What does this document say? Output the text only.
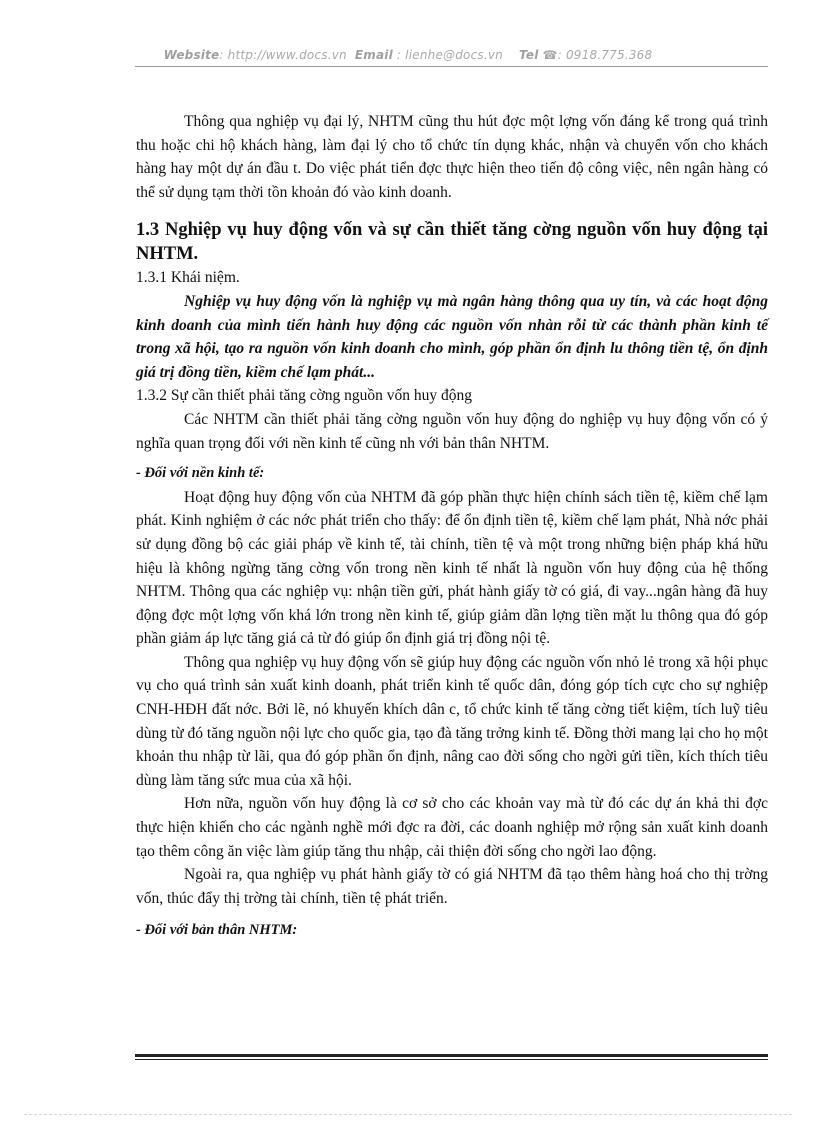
Website: http://www.docs.vn Email : lienhe@docs.vn Tel ☎: 0918.775.368

Thông qua nghiệp vụ đại lý, NHTM cũng thu hút đợc một lợng vốn đáng kể trong quá trình thu hoặc chi hộ khách hàng, làm đại lý cho tổ chức tín dụng khác, nhận và chuyển vốn cho khách hàng hay một dự án đầu t. Do việc phát tiển đợc thực hiện theo tiến độ công việc, nên ngân hàng có thể sử dụng tạm thời tồn khoản đó vào kinh doanh.

1.3 Nghiệp vụ huy động vốn và sự cần thiết tăng cờng nguồn vốn huy động tại NHTM.

1.3.1 Khái niệm.

Nghiệp vụ huy động vốn là nghiệp vụ mà ngân hàng thông qua uy tín, và các hoạt động kinh doanh của mình tiến hành huy động các nguồn vốn nhàn rỗi từ các thành phần kinh tế trong xã hội, tạo ra nguồn vốn kinh doanh cho mình, góp phần ổn định lu thông tiền tệ, ổn định giá trị đồng tiền, kiềm chế lạm phát...

1.3.2 Sự cần thiết phải tăng cờng nguồn vốn huy động

Các NHTM cần thiết phải tăng cờng nguồn vốn huy động do nghiệp vụ huy động vốn có ý nghĩa quan trọng đối với nền kinh tế cũng nh với bản thân NHTM.

- Đối với nền kinh tế:

Hoạt động huy động vốn của NHTM đã góp phần thực hiện chính sách tiền tệ, kiềm chế lạm phát. Kinh nghiệm ở các nớc phát triển cho thấy: để ổn định tiền tệ, kiềm chế lạm phát, Nhà nớc phải sử dụng đồng bộ các giải pháp về kinh tế, tài chính, tiền tệ và một trong những biện pháp khá hữu hiệu là không ngừng tăng cờng vốn trong nền kinh tế nhất là nguồn vốn huy động của hệ thống NHTM. Thông qua các nghiệp vụ: nhận tiền gửi, phát hành giấy tờ có giá, đi vay...ngân hàng đã huy động đợc một lợng vốn khá lớn trong nền kinh tế, giúp giảm dần lợng tiền mặt lu thông qua đó góp phần giảm áp lực tăng giá cả từ đó giúp ổn định giá trị đồng nội tệ.

Thông qua nghiệp vụ huy động vốn sẽ giúp huy động các nguồn vốn nhỏ lẻ trong xã hội phục vụ cho quá trình sản xuất kinh doanh, phát triển kinh tế quốc dân, đóng góp tích cực cho sự nghiệp CNH-HĐH đất nớc. Bởi lẽ, nó khuyến khích dân c, tổ chức kinh tế tăng cờng tiết kiệm, tích luỹ tiêu dùng từ đó tăng nguồn nội lực cho quốc gia, tạo đà tăng trởng kinh tế. Đồng thời mang lại cho họ một khoản thu nhập từ lãi, qua đó góp phần ổn định, nâng cao đời sống cho ngời gửi tiền, kích thích tiêu dùng làm tăng sức mua của xã hội.

Hơn nữa, nguồn vốn huy động là cơ sở cho các khoản vay mà từ đó các dự án khả thi đợc thực hiện khiến cho các ngành nghề mới đợc ra đời, các doanh nghiệp mở rộng sản xuất kinh doanh tạo thêm công ăn việc làm giúp tăng thu nhập, cải thiện đời sống cho ngời lao động.

Ngoài ra, qua nghiệp vụ phát hành giấy tờ có giá NHTM đã tạo thêm hàng hoá cho thị trờng vốn, thúc đẩy thị trờng tài chính, tiền tệ phát triển.

- Đối với bản thân NHTM:
